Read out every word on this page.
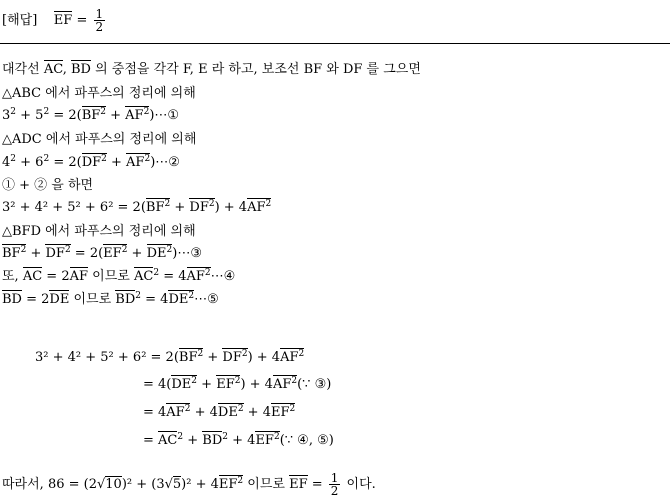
[해답] EF = $\frac{1}{2}$
대각선 AC, BD 의 중점을 각각 F, E 라 하고, 보조선 BF 와 DF 를 그으면
△ABC 에서 파푸스의 정리에 의해
$3^2 + 5^2 = 2(BF^2$ + $AF^2)\cdots ①$
△ADC 에서 파푸스의 정리에 의해
$4^2 + 6^2 = 2(DF^2$ + $AF^2)\cdots ②$
① + ② 을 하면
$3^2 + 4^2 + 5^2 + 6^2 = 2(BF^2 + DF^2) + 4AF^2$
△BFD 에서 파푸스의 정리에 의해
$BF^2 + DF^2 = 2(EF^2$ + $DE^2)\cdots ③$
또, AC = 2AF 이므로 $AC^2$ = $4AF^2\cdots ④$
BD = 2DE 이므로 $BD^2$ = $4DE^2\cdots ⑤$
$3^2 + 4^2 + 5^2 + 6^2 = 2(BF^2 + DF^2) + 4AF^2$
= $4(DE^2 + EF^2)$ + $4AF^2(\because$ ③)
= $4AF^2 + 4DE^2 + 4EF^2$
= $AC^2 + BD^2$ + $4EF^2(\because$ ④, ⑤)
따라서, $86 = (2√10)^2 + (3√5)^2 + 4EF^2$ 이므로 EF = $\frac{1}{2}$ 이다.
